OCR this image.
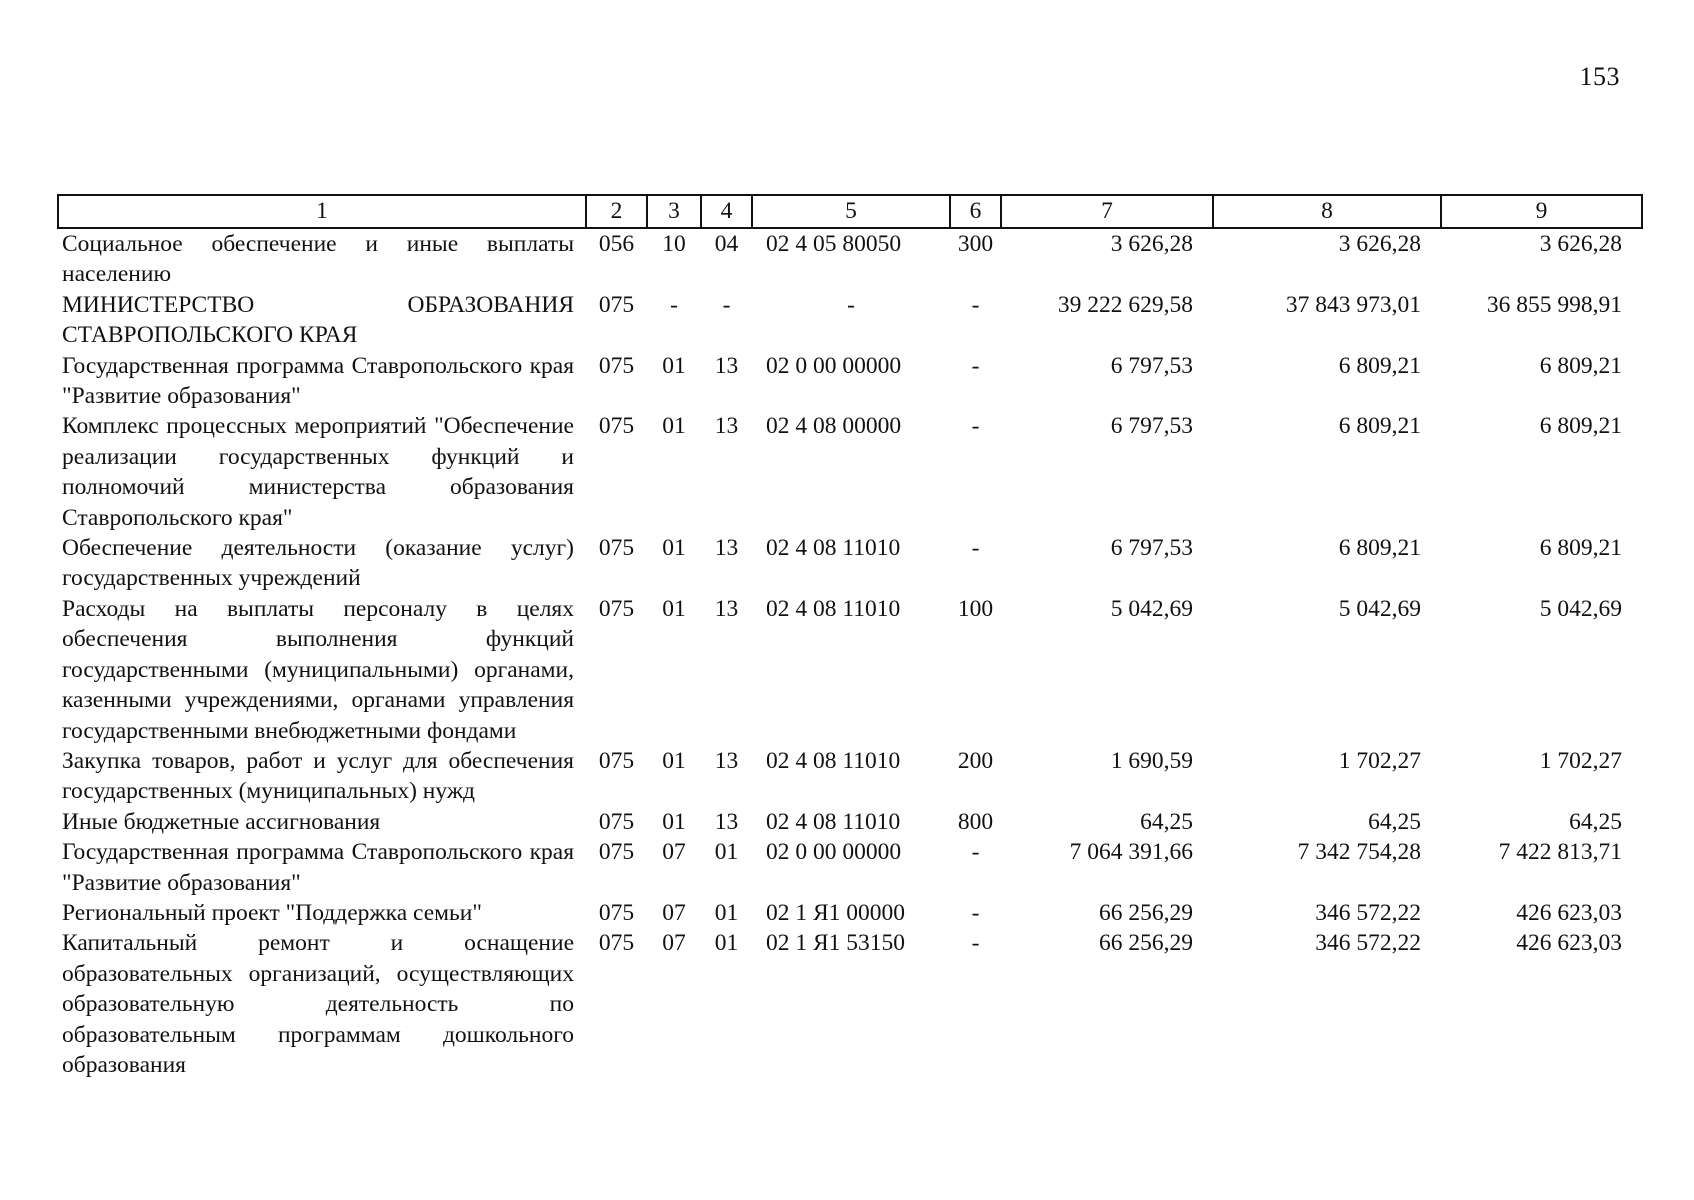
153
1	2	3	4	5	6	7	8	9
Социальное обеспечение и иные выплаты населению	056	10	04	02 4 05 80050	300	3 626,28	3 626,28	3 626,28
МИНИСТЕРСТВО ОБРАЗОВАНИЯ СТАВРОПОЛЬСКОГО КРАЯ	075	-	-	-	-	39 222 629,58	37 843 973,01	36 855 998,91
Государственная программа Ставропольского края "Развитие образования"	075	01	13	02 0 00 00000	-	6 797,53	6 809,21	6 809,21
Комплекс процессных мероприятий "Обеспечение реализации государственных функций и полномочий министерства образования Ставропольского края"	075	01	13	02 4 08 00000	-	6 797,53	6 809,21	6 809,21
Обеспечение деятельности (оказание услуг) государственных учреждений	075	01	13	02 4 08 11010	-	6 797,53	6 809,21	6 809,21
Расходы на выплаты персоналу в целях обеспечения выполнения функций государственными (муниципальными) органами, казенными учреждениями, органами управления государственными внебюджетными фондами	075	01	13	02 4 08 11010	100	5 042,69	5 042,69	5 042,69
Закупка товаров, работ и услуг для обеспечения государственных (муниципальных) нужд	075	01	13	02 4 08 11010	200	1 690,59	1 702,27	1 702,27
Иные бюджетные ассигнования	075	01	13	02 4 08 11010	800	64,25	64,25	64,25
Государственная программа Ставропольского края "Развитие образования"	075	07	01	02 0 00 00000	-	7 064 391,66	7 342 754,28	7 422 813,71
Региональный проект "Поддержка семьи"	075	07	01	02 1 Я1 00000	-	66 256,29	346 572,22	426 623,03
Капитальный ремонт и оснащение образовательных организаций, осуществляющих образовательную деятельность по образовательным программам дошкольного образования	075	07	01	02 1 Я1 53150	-	66 256,29	346 572,22	426 623,03
